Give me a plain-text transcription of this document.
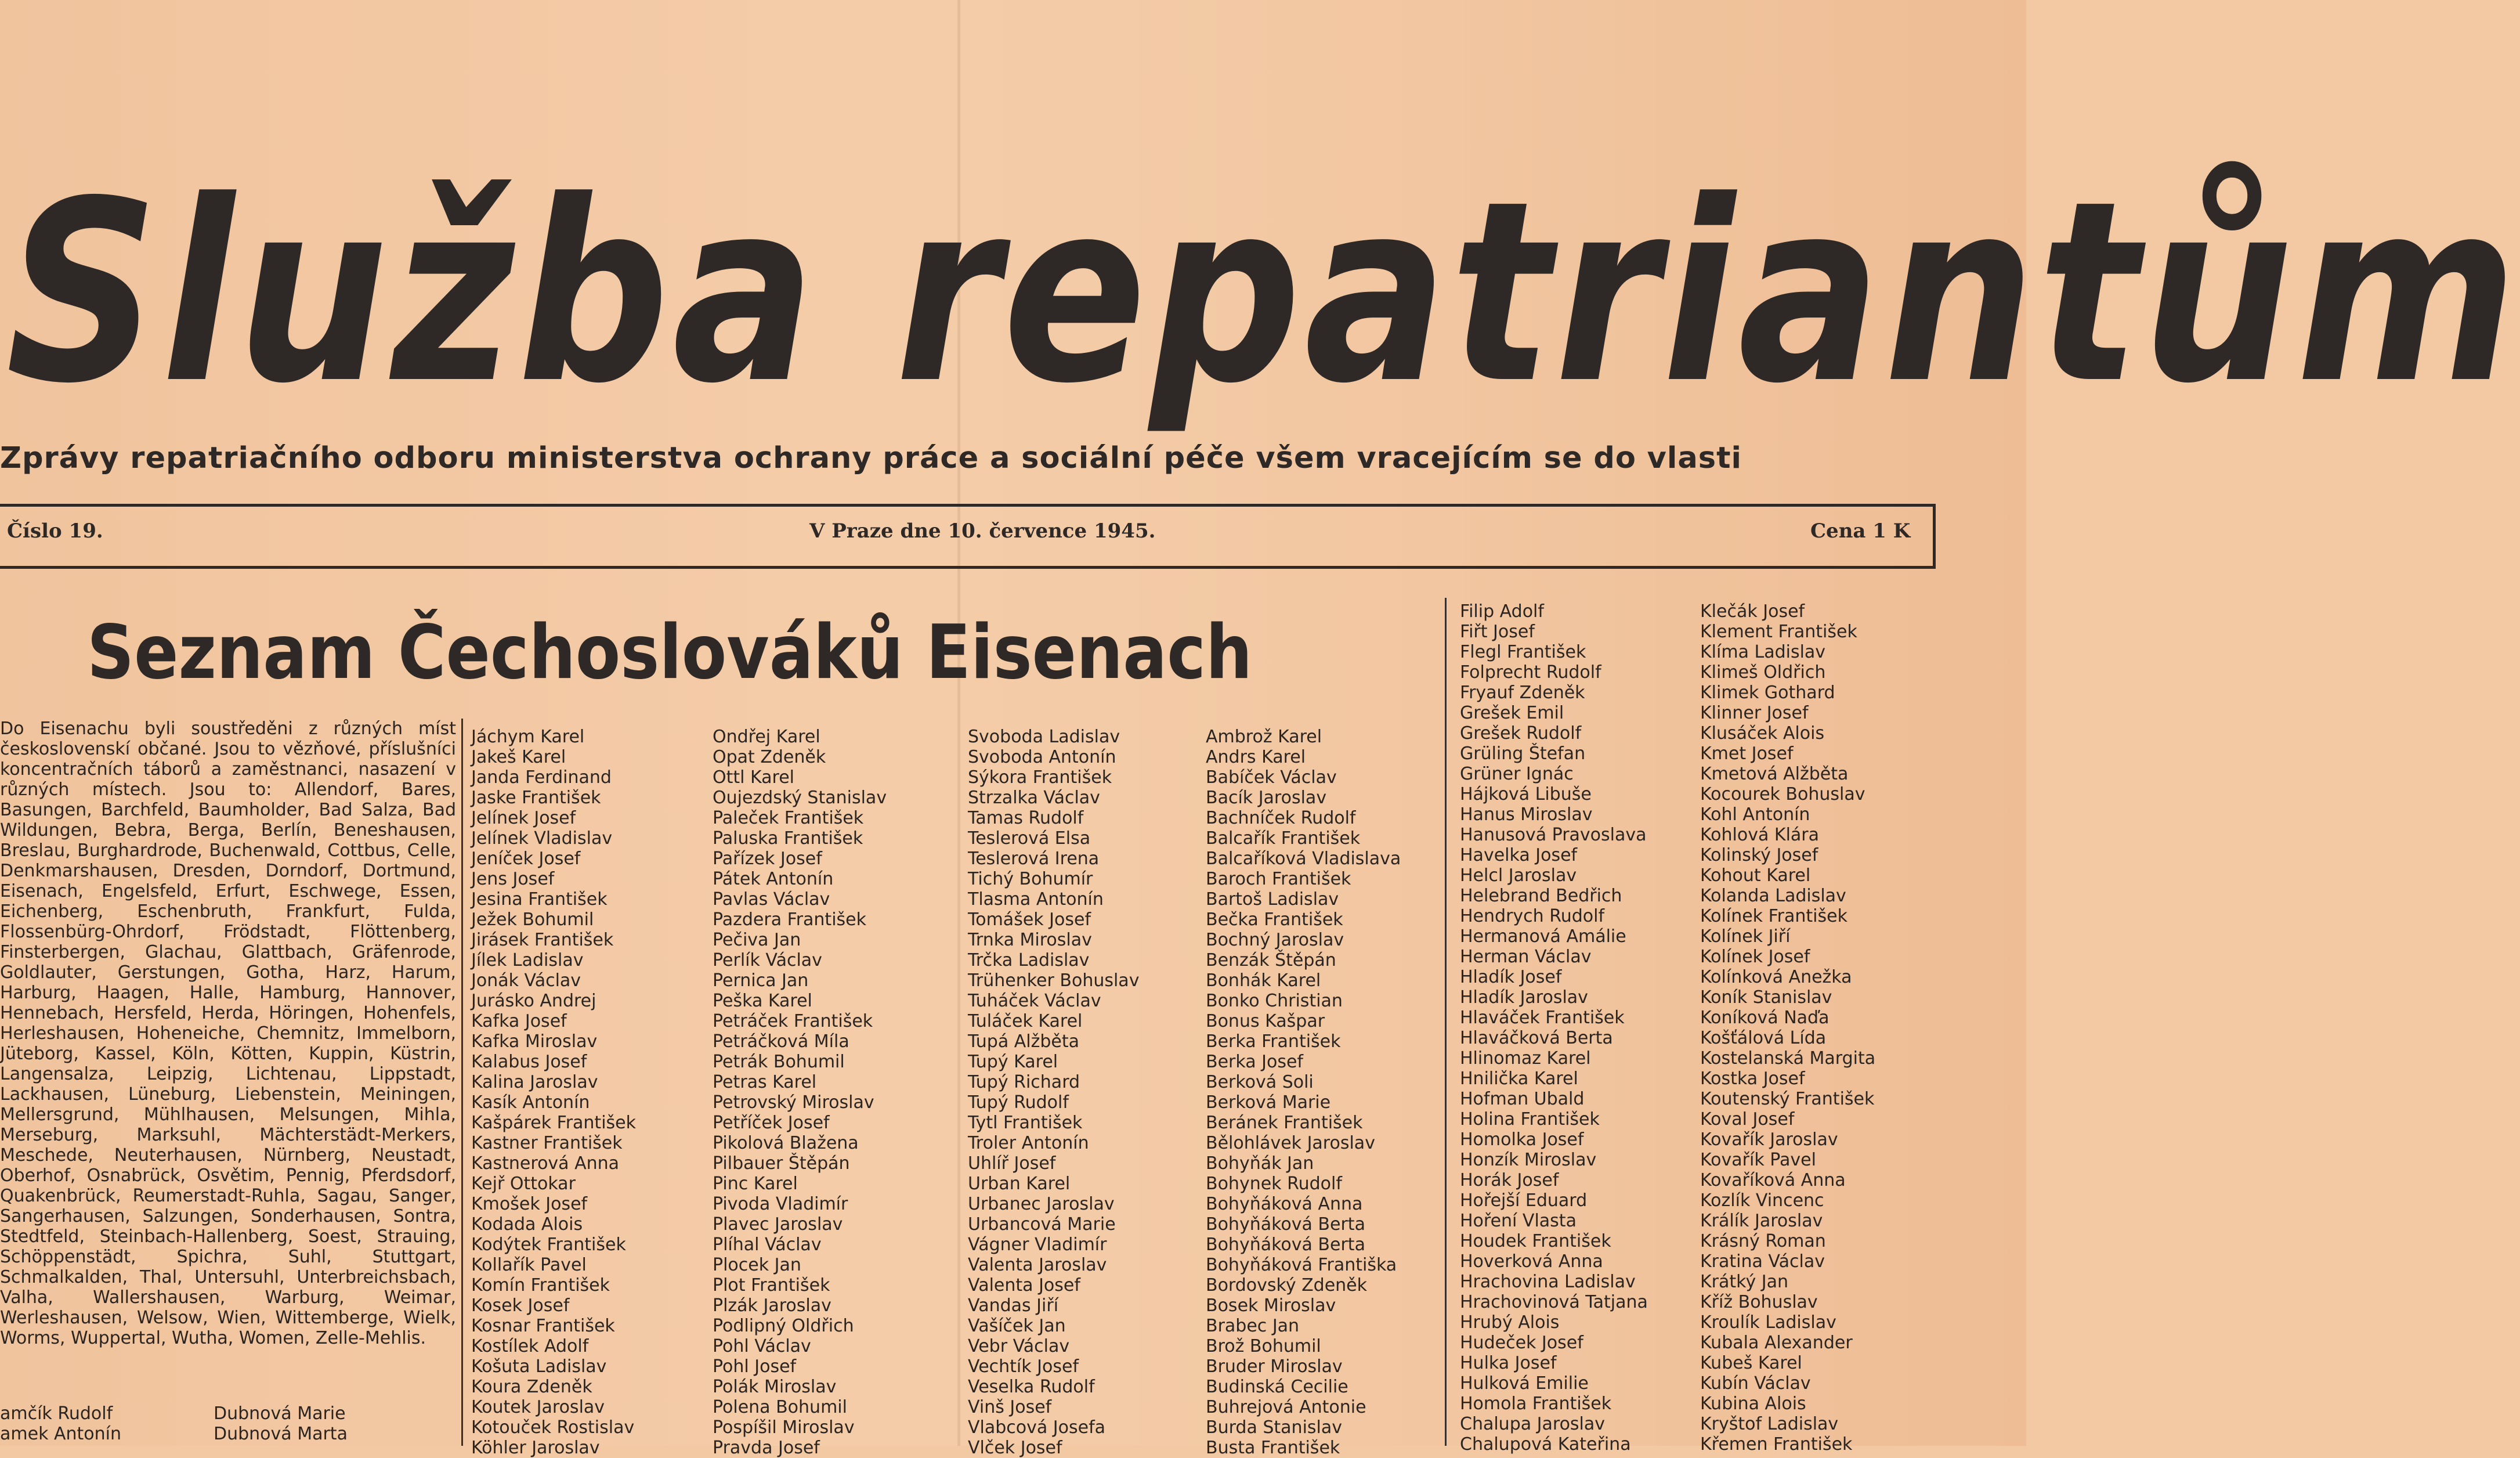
Služba repatriantům
Zprávy repatriačního odboru ministerstva ochrany práce a sociální péče všem vracejícím se do vlasti
Číslo 19.	V Praze dne 10. července 1945.	Cena 1 K
Seznam Čechoslováků Eisenach
Do Eisenachu byli soustředěni z různých míst československí občané. Jsou to vězňové, příslušníci koncentračních táborů a zaměstnanci, nasazení v různých místech. Jsou to: Allendorf, Bares, Basungen, Barchfeld, Baumholder, Bad Salza, Bad Wildungen, Bebra, Berga, Berlín, Beneshausen, Breslau, Burghardrode, Buchenwald, Cottbus, Celle, Denkmarshausen, Dresden, Dorndorf, Dortmund, Eisenach, Engelsfeld, Erfurt, Eschwege, Essen, Eichenberg, Eschenbruth, Frankfurt, Fulda, Flossenbürg-Ohrdorf, Frödstadt, Flöttenberg, Finsterbergen, Glachau, Glattbach, Gräfenrode, Goldlauter, Gerstungen, Gotha, Harz, Harum, Harburg, Haagen, Halle, Hamburg, Hannover, Hennebach, Hersfeld, Herda, Höringen, Hohenfels, Herleshausen, Hoheneiche, Chemnitz, Immelborn, Jüteborg, Kassel, Köln, Kötten, Kuppin, Küstrin, Langensalza, Leipzig, Lichtenau, Lippstadt, Lackhausen, Lüneburg, Liebenstein, Meiningen, Mellersgrund, Mühlhausen, Melsungen, Mihla, Merseburg, Marksuhl, Mächterstädt-Merkers, Meschede, Neuterhausen, Nürnberg, Neustadt, Oberhof, Osnabrück, Osvětim, Pennig, Pferdsdorf, Quakenbrück, Reumerstadt-Ruhla, Sagau, Sanger, Sangerhausen, Salzungen, Sonderhausen, Sontra, Stedtfeld, Steinbach-Hallenberg, Soest, Strauing, Schöppenstädt, Spichra, Suhl, Stuttgart, Schmalkalden, Thal, Untersuhl, Unterbreichsbach, Valha, Wallershausen, Warburg, Weimar, Werleshausen, Welsow, Wien, Wittemberge, Wielk, Worms, Wuppertal, Wutha, Women, Zelle-Mehlis.
amčík Rudolf
amek Antonín
Dubnová Marie
Dubnová Marta
Jáchym Karel
Jakeš Karel
Janda Ferdinand
Jaske František
Jelínek Josef
Jelínek Vladislav
Jeníček Josef
Jens Josef
Jesina František
Ježek Bohumil
Jirásek František
Jílek Ladislav
Jonák Václav
Jurásko Andrej
Kafka Josef
Kafka Miroslav
Kalabus Josef
Kalina Jaroslav
Kasík Antonín
Kašpárek František
Kastner František
Kastnerová Anna
Kejř Ottokar
Kmošek Josef
Kodada Alois
Kodýtek František
Kollařík Pavel
Komín František
Kosek Josef
Kosnar František
Kostílek Adolf
Košuta Ladislav
Koura Zdeněk
Koutek Jaroslav
Kotouček Rostislav
Köhler Jaroslav
Ondřej Karel
Opat Zdeněk
Ottl Karel
Oujezdský Stanislav
Paleček František
Paluska František
Pařízek Josef
Pátek Antonín
Pavlas Václav
Pazdera František
Pečiva Jan
Perlík Václav
Pernica Jan
Peška Karel
Petráček František
Petráčková Míla
Petrák Bohumil
Petras Karel
Petrovský Miroslav
Petříček Josef
Pikolová Blažena
Pilbauer Štěpán
Pinc Karel
Pivoda Vladimír
Plavec Jaroslav
Plíhal Václav
Plocek Jan
Plot František
Plzák Jaroslav
Podlipný Oldřich
Pohl Václav
Pohl Josef
Polák Miroslav
Polena Bohumil
Pospíšil Miroslav
Pravda Josef
Svoboda Ladislav
Svoboda Antonín
Sýkora František
Strzalka Václav
Tamas Rudolf
Teslerová Elsa
Teslerová Irena
Tichý Bohumír
Tlasma Antonín
Tomášek Josef
Trnka Miroslav
Trčka Ladislav
Trühenker Bohuslav
Tuháček Václav
Tuláček Karel
Tupá Alžběta
Tupý Karel
Tupý Richard
Tupý Rudolf
Tytl František
Troler Antonín
Uhlíř Josef
Urban Karel
Urbanec Jaroslav
Urbancová Marie
Vágner Vladimír
Valenta Jaroslav
Valenta Josef
Vandas Jiří
Vašíček Jan
Vebr Václav
Vechtík Josef
Veselka Rudolf
Vinš Josef
Vlabcová Josefa
Vlček Josef
Ambrož Karel
Andrs Karel
Babíček Václav
Bacík Jaroslav
Bachníček Rudolf
Balcařík František
Balcaříková Vladislava
Baroch František
Bartoš Ladislav
Bečka František
Bochný Jaroslav
Benzák Štěpán
Bonhák Karel
Bonko Christian
Bonus Kašpar
Berka František
Berka Josef
Berková Soli
Berková Marie
Beránek František
Bělohlávek Jaroslav
Bohyňák Jan
Bohynek Rudolf
Bohyňáková Anna
Bohyňáková Berta
Bohyňáková Berta
Bohyňáková Františka
Bordovský Zdeněk
Bosek Miroslav
Brabec Jan
Brož Bohumil
Bruder Miroslav
Budinská Cecilie
Buhrejová Antonie
Burda Stanislav
Busta František
Filip Adolf
Fiřt Josef
Flegl František
Folprecht Rudolf
Fryauf Zdeněk
Grešek Emil
Grešek Rudolf
Grüling Štefan
Grüner Ignác
Hájková Libuše
Hanus Miroslav
Hanusová Pravoslava
Havelka Josef
Helcl Jaroslav
Helebrand Bedřich
Hendrych Rudolf
Hermanová Amálie
Herman Václav
Hladík Josef
Hladík Jaroslav
Hlaváček František
Hlaváčková Berta
Hlinomaz Karel
Hnilička Karel
Hofman Ubald
Holina František
Homolka Josef
Honzík Miroslav
Horák Josef
Hořejší Eduard
Hoření Vlasta
Houdek František
Hoverková Anna
Hrachovina Ladislav
Hrachovinová Tatjana
Hrubý Alois
Hudeček Josef
Hulka Josef
Hulková Emilie
Homola František
Chalupa Jaroslav
Chalupová Kateřina
Klečák Josef
Klement František
Klíma Ladislav
Klimeš Oldřich
Klimek Gothard
Klinner Josef
Klusáček Alois
Kmet Josef
Kmetová Alžběta
Kocourek Bohuslav
Kohl Antonín
Kohlová Klára
Kolinský Josef
Kohout Karel
Kolanda Ladislav
Kolínek František
Kolínek Jiří
Kolínek Josef
Kolínková Anežka
Koník Stanislav
Koníková Naďa
Košťálová Lída
Kostelanská Margita
Kostka Josef
Koutenský František
Koval Josef
Kovařík Jaroslav
Kovařík Pavel
Kovaříková Anna
Kozlík Vincenc
Králík Jaroslav
Krásný Roman
Kratina Václav
Krátký Jan
Kříž Bohuslav
Kroulík Ladislav
Kubala Alexander
Kubeš Karel
Kubín Václav
Kubina Alois
Kryštof Ladislav
Křemen František
